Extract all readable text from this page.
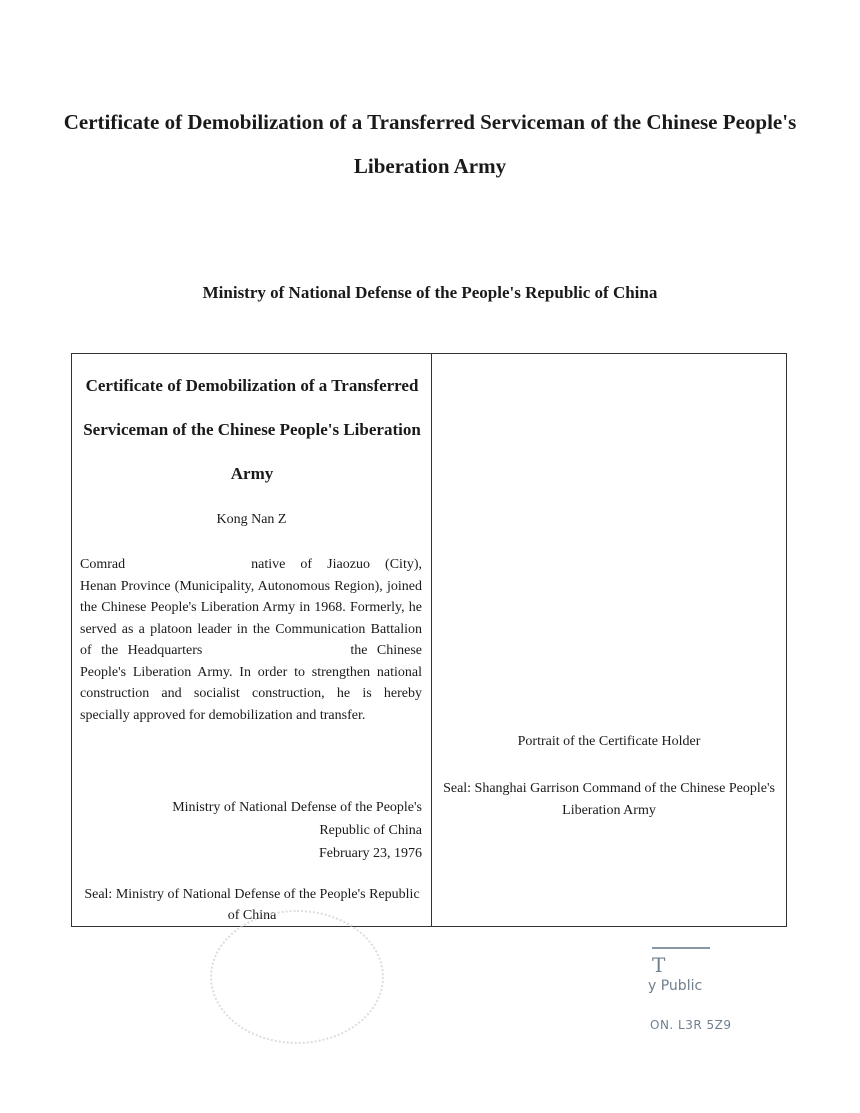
Certificate of Demobilization of a Transferred Serviceman of the Chinese People's Liberation Army
Ministry of National Defense of the People's Republic of China
Certificate of Demobilization of a Transferred Serviceman of the Chinese People's Liberation Army
Kong Nan Z
Comrad	native of Jiaozuo (City), Henan Province (Municipality, Autonomous Region), joined the Chinese People's Liberation Army in 1968. Formerly, he served as a platoon leader in the Communication Battalion of the Headquarters	the Chinese People's Liberation Army. In order to strengthen national construction and socialist construction, he is hereby specially approved for demobilization and transfer.
Ministry of National Defense of the People's
Republic of China
February 23, 1976
Seal: Ministry of National Defense of the People's Republic of China
Portrait of the Certificate Holder
Seal: Shanghai Garrison Command of the Chinese People's Liberation Army
T
y Public
ON. L3R 5Z9
